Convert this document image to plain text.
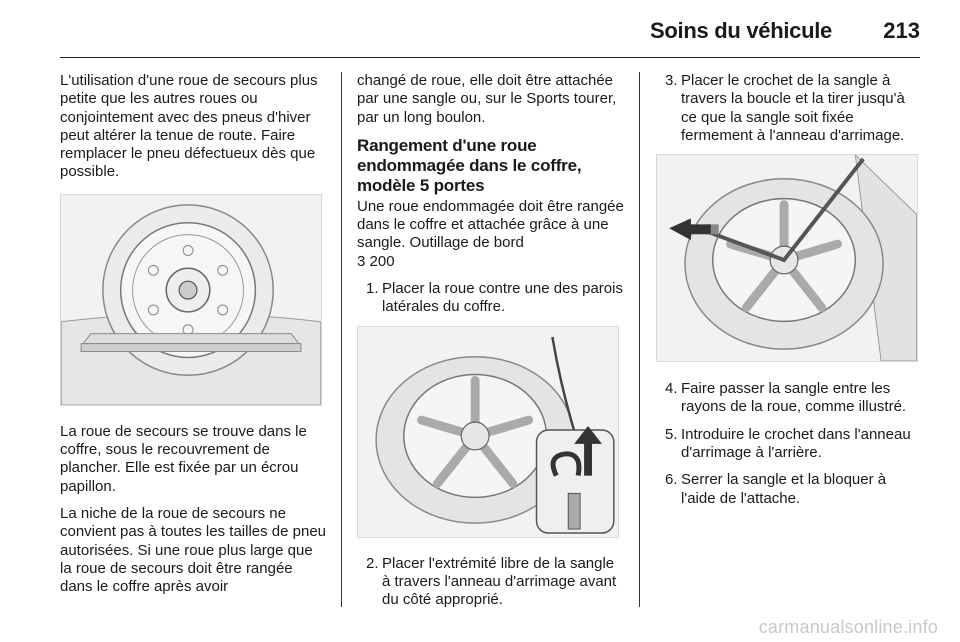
Soins du véhicule 213

L'utilisation d'une roue de secours plus petite que les autres roues ou conjointement avec des pneus d'hiver peut altérer la tenue de route. Faire remplacer le pneu défectueux dès que possible.

La roue de secours se trouve dans le coffre, sous le recouvrement de plancher. Elle est fixée par un écrou papillon.

La niche de la roue de secours ne convient pas à toutes les tailles de pneu autorisées. Si une roue plus large que la roue de secours doit être rangée dans le coffre après avoir

changé de roue, elle doit être attachée par une sangle ou, sur le Sports tourer, par un long boulon.

Rangement d'une roue endommagée dans le coffre, modèle 5 portes

Une roue endommagée doit être rangée dans le coffre et attachée grâce à une sangle. Outillage de bord

3 200

1. Placer la roue contre une des parois latérales du coffre.
2. Placer l'extrémité libre de la sangle à travers l'anneau d'arrimage avant du côté approprié.
3. Placer le crochet de la sangle à travers la boucle et la tirer jusqu'à ce que la sangle soit fixée fermement à l'anneau d'arrimage.
4. Faire passer la sangle entre les rayons de la roue, comme illustré.
5. Introduire le crochet dans l'anneau d'arrimage à l'arrière.
6. Serrer la sangle et la bloquer à l'aide de l'attache.
carmanualsonline.info
